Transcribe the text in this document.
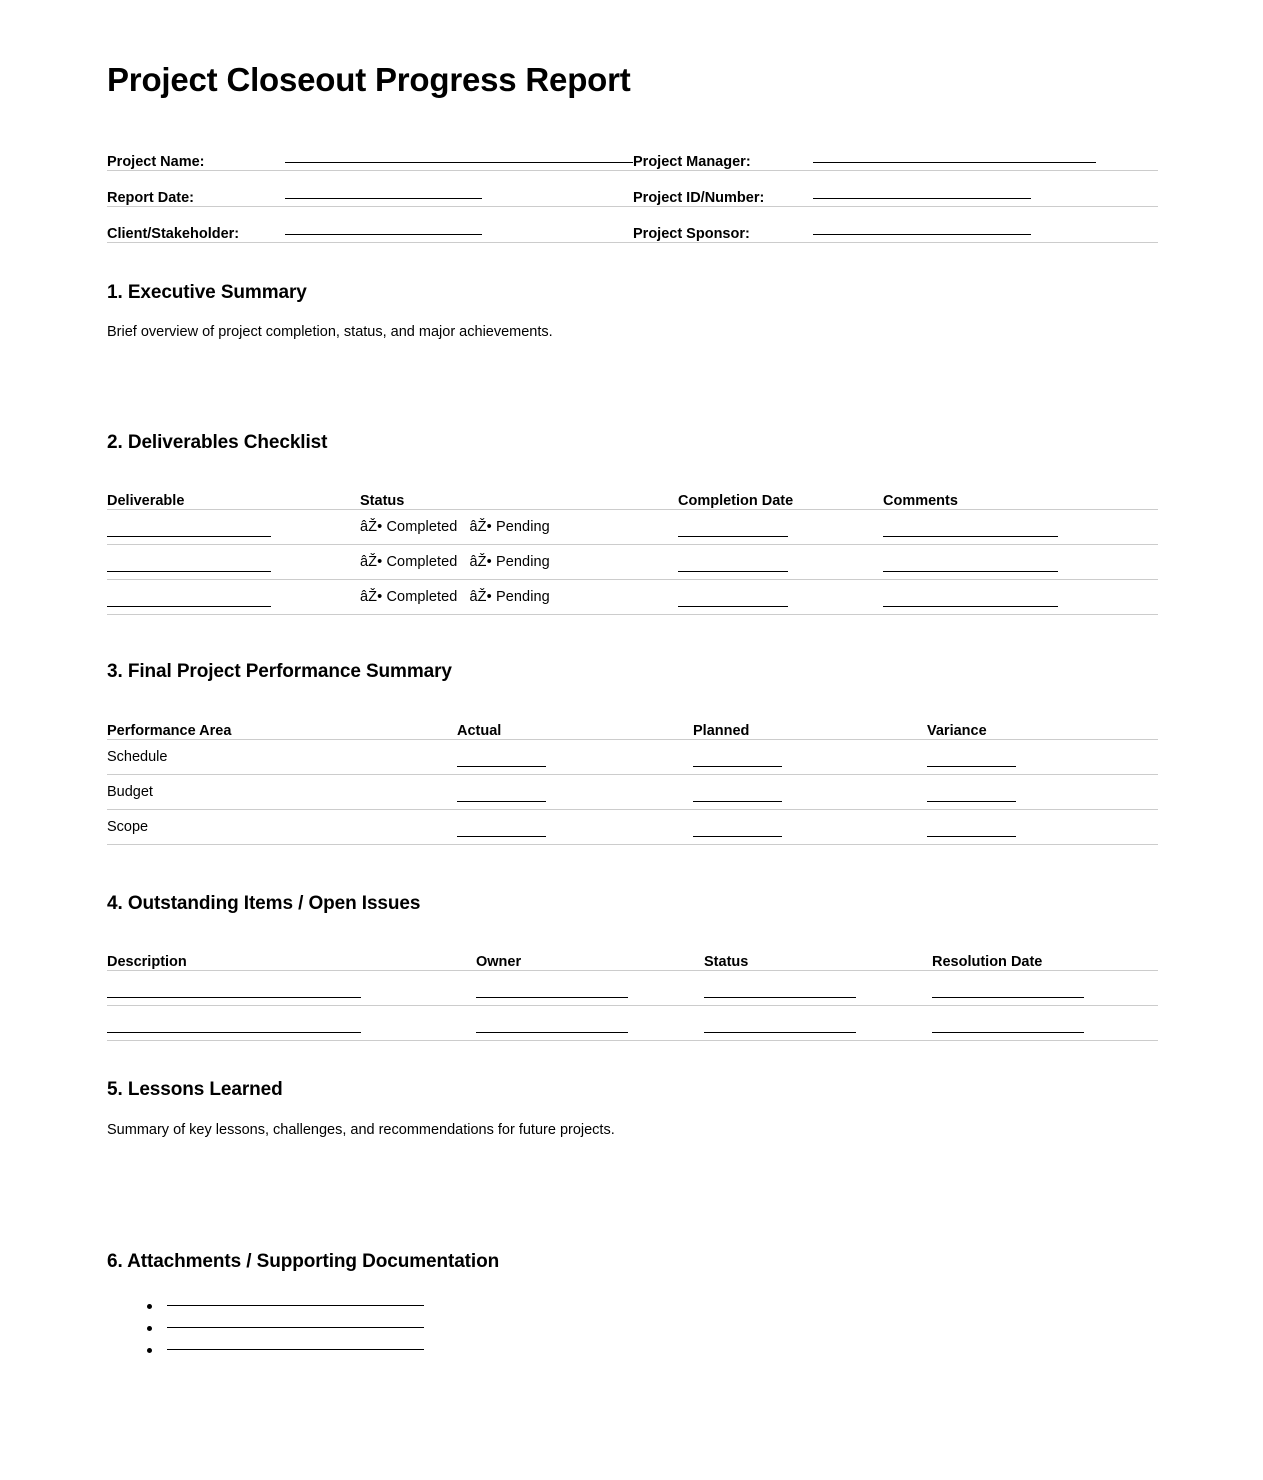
Project Closeout Progress Report
Project Name:		Project Manager:	
Report Date:		Project ID/Number:	
Client/Stakeholder:		Project Sponsor:	
1. Executive Summary

Brief overview of project completion, status, and major achievements.

2. Deliverables Checklist
Deliverable	Status	Completion Date	Comments
	âŽ• Completed âŽ• Pending		
	âŽ• Completed âŽ• Pending		
	âŽ• Completed âŽ• Pending		
3. Final Project Performance Summary
Performance Area	Actual	Planned	Variance
Schedule			
Budget			
Scope			
4. Outstanding Items / Open Issues
Description	Owner	Status	Resolution Date

5. Lessons Learned

Summary of key lessons, challenges, and recommendations for future projects.

6. Attachments / Supporting Documentation
